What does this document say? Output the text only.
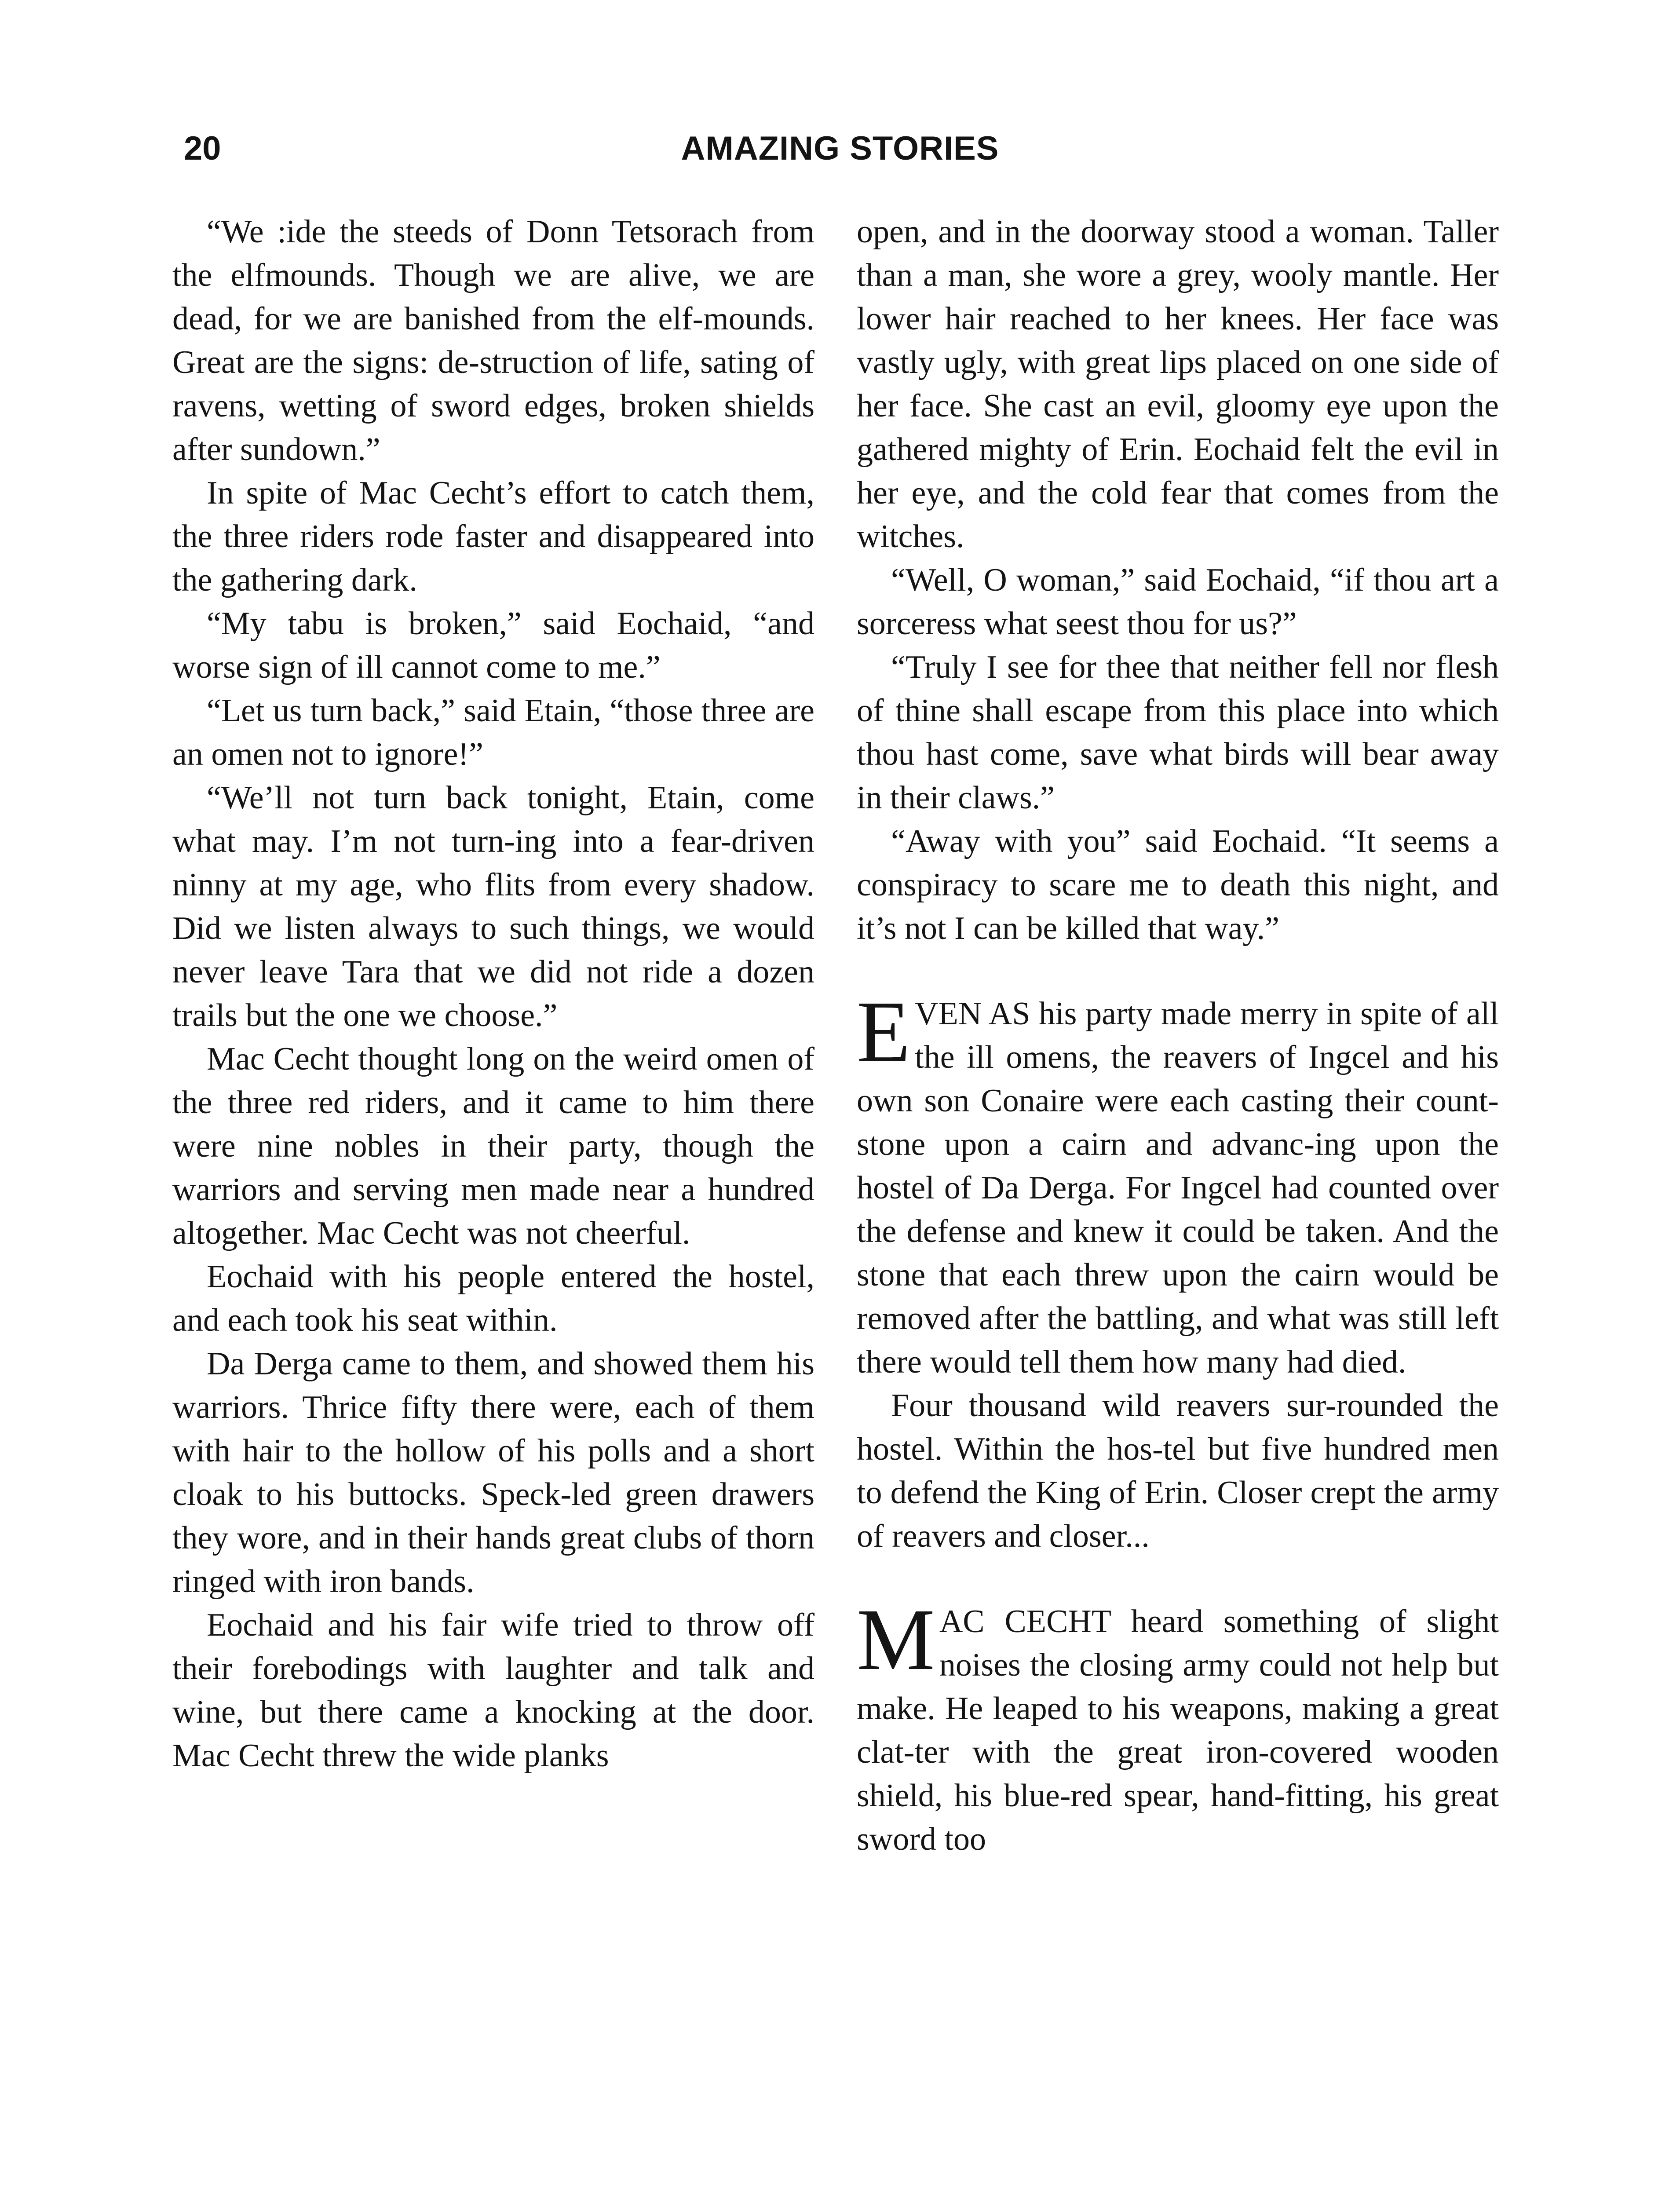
20	AMAZING STORIES

“We :ide the steeds of Donn Tetsorach from the elfmounds. Though we are alive, we are dead, for we are banished from the elf-mounds. Great are the signs: de-struction of life, sating of ravens, wetting of sword edges, broken shields after sundown.”

In spite of Mac Cecht’s effort to catch them, the three riders rode faster and disappeared into the gathering dark.

“My tabu is broken,” said Eochaid, “and worse sign of ill cannot come to me.”

“Let us turn back,” said Etain, “those three are an omen not to ignore!”

“We’ll not turn back tonight, Etain, come what may. I’m not turn-ing into a fear-driven ninny at my age, who flits from every shadow. Did we listen always to such things, we would never leave Tara that we did not ride a dozen trails but the one we choose.”

Mac Cecht thought long on the weird omen of the three red riders, and it came to him there were nine nobles in their party, though the warriors and serving men made near a hundred altogether. Mac Cecht was not cheerful.

Eochaid with his people entered the hostel, and each took his seat within.

Da Derga came to them, and showed them his warriors. Thrice fifty there were, each of them with hair to the hollow of his polls and a short cloak to his buttocks. Speck-led green drawers they wore, and in their hands great clubs of thorn ringed with iron bands.

Eochaid and his fair wife tried to throw off their forebodings with laughter and talk and wine, but there came a knocking at the door. Mac Cecht threw the wide planks

open, and in the doorway stood a woman. Taller than a man, she wore a grey, wooly mantle. Her lower hair reached to her knees. Her face was vastly ugly, with great lips placed on one side of her face. She cast an evil, gloomy eye upon the gathered mighty of Erin. Eochaid felt the evil in her eye, and the cold fear that comes from the witches.

“Well, O woman,” said Eochaid, “if thou art a sorceress what seest thou for us?”

“Truly I see for thee that neither fell nor flesh of thine shall escape from this place into which thou hast come, save what birds will bear away in their claws.”

“Away with you” said Eochaid. “It seems a conspiracy to scare me to death this night, and it’s not I can be killed that way.”

EVEN AS his party made merry in spite of all the ill omens, the reavers of Ingcel and his own son Conaire were each casting their count-stone upon a cairn and advanc-ing upon the hostel of Da Derga. For Ingcel had counted over the defense and knew it could be taken. And the stone that each threw upon the cairn would be removed after the battling, and what was still left there would tell them how many had died.

Four thousand wild reavers sur-rounded the hostel. Within the hos-tel but five hundred men to defend the King of Erin. Closer crept the army of reavers and closer...

MAC CECHT heard something of slight noises the closing army could not help but make. He leaped to his weapons, making a great clat-ter with the great iron-covered wooden shield, his blue-red spear, hand-fitting, his great sword too
